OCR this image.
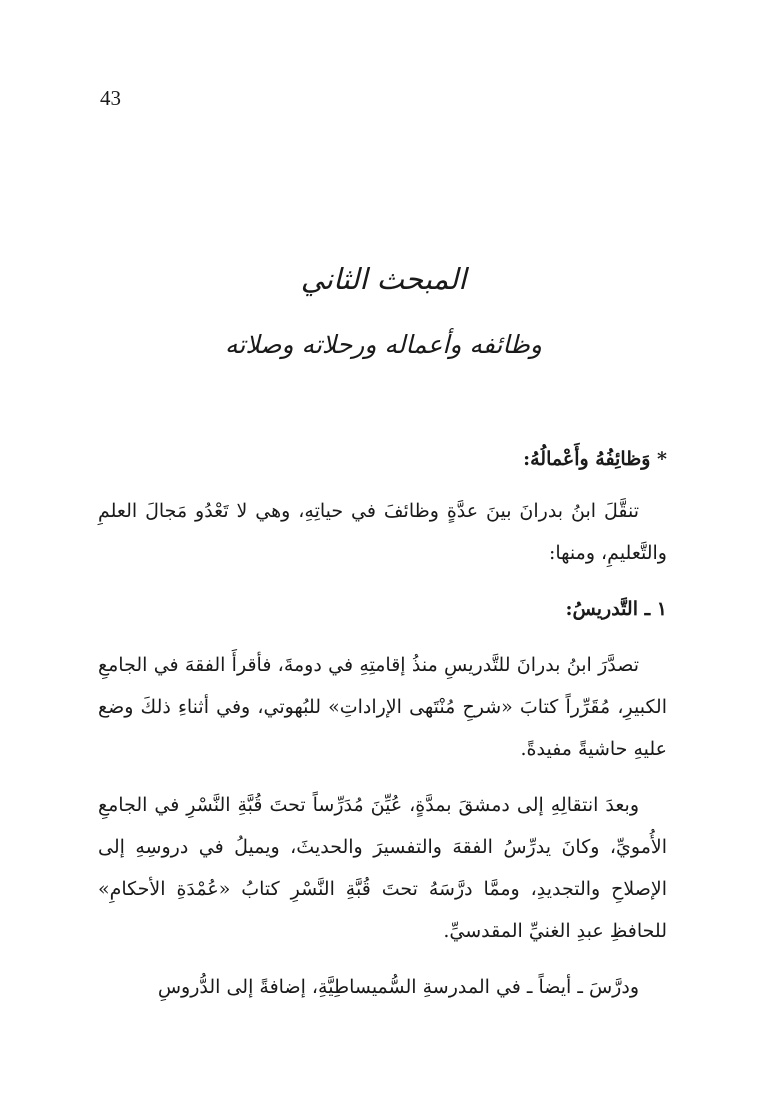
43
المبحث الثاني
وظائفه وأعماله ورحلاته وصلاته

* وَظائِفُهُ وأَعْمالُهُ:

تنقَّلَ ابنُ بدرانَ بينَ عدَّةٍ وظائفَ في حياتِهِ، وهي لا تَعْدُو مَجالَ العلمِ والتَّعليمِ، ومنها:

١ ـ التَّدريسُ:

تصدَّرَ ابنُ بدرانَ للتَّدريسِ منذُ إقامتِهِ في دومةَ، فأقرأَ الفقهَ في الجامعِ الكبيرِ، مُقَرِّراً كتابَ «شرحِ مُنْتَهى الإراداتِ» للبُهوتي، وفي أثناءِ ذلكَ وضع عليهِ حاشيةً مفيدةً.

وبعدَ انتقالِهِ إلى دمشقَ بمدَّةٍ، عُيِّنَ مُدَرِّساً تحتَ قُبَّةِ النَّسْرِ في الجامعِ الأُمويِّ، وكانَ يدرِّسُ الفقهَ والتفسيرَ والحديثَ، ويميلُ في دروسِهِ إلى الإصلاحِ والتجديدِ، وممَّا درَّسَهُ تحتَ قُبَّةِ النَّسْرِ كتابُ «عُمْدَةِ الأحكامِ» للحافظِ عبدِ الغنيِّ المقدسيِّ.

ودرَّسَ ـ أيضاً ـ في المدرسةِ السُّميساطِيَّةِ، إضافةً إلى الدُّروسِ
